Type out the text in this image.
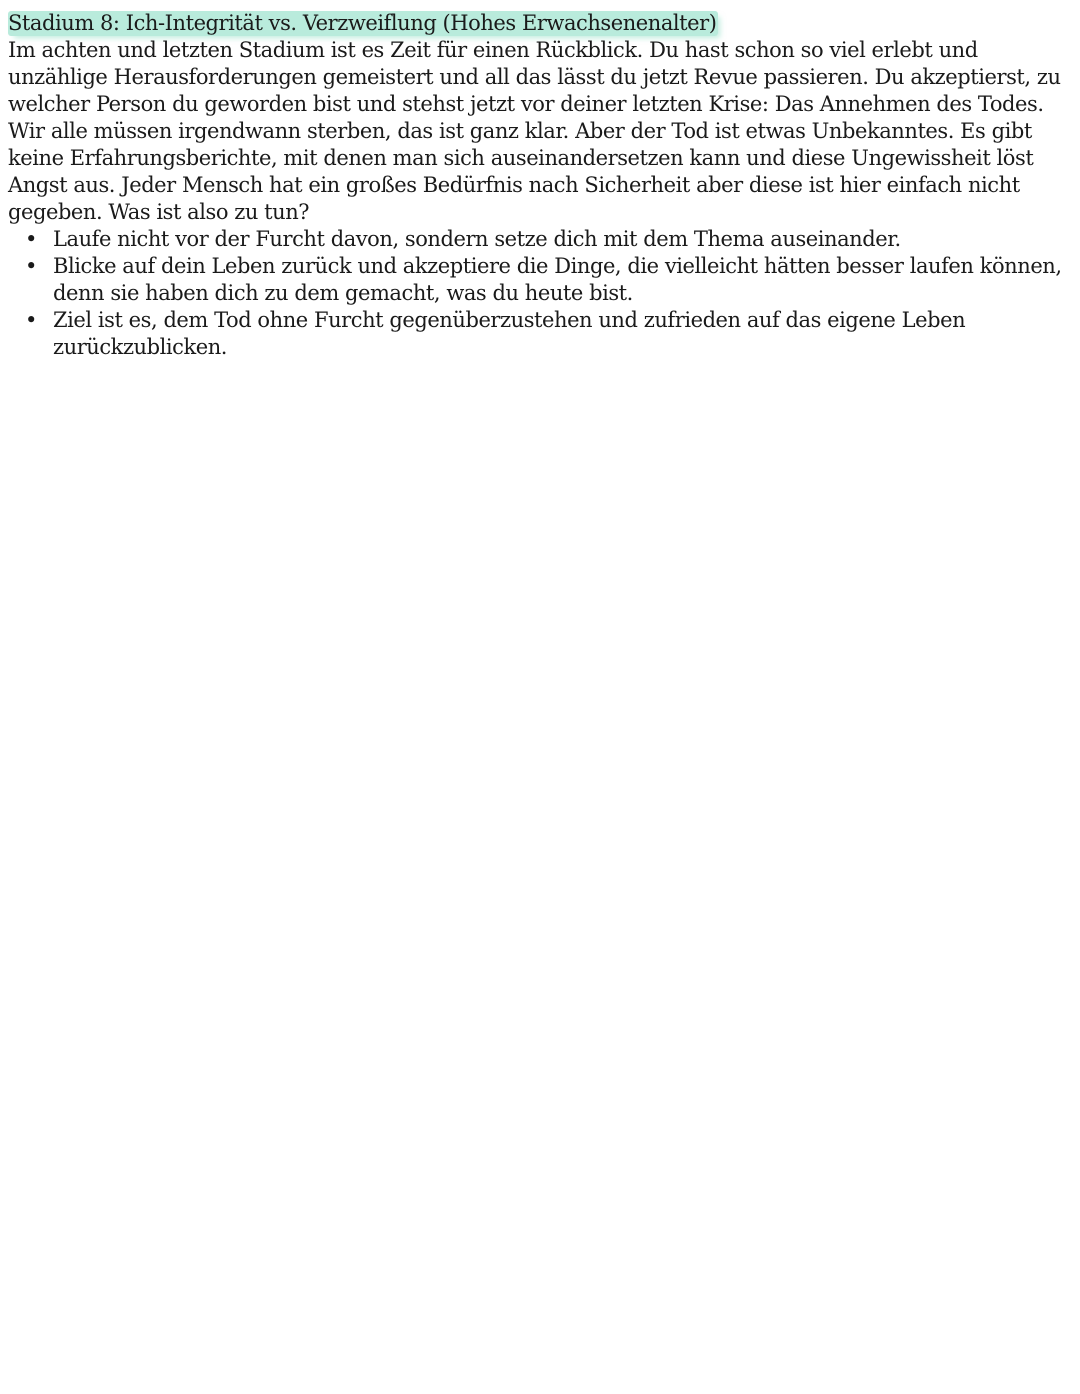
Stadium 8: Ich-Integrität vs. Verzweiflung (Hohes Erwachsenenalter)

Im achten und letzten Stadium ist es Zeit für einen Rückblick. Du hast schon so viel erlebt und unzählige Herausforderungen gemeistert und all das lässt du jetzt Revue passieren. Du akzeptierst, zu welcher Person du geworden bist und stehst jetzt vor deiner letzten Krise: Das Annehmen des Todes.

Wir alle müssen irgendwann sterben, das ist ganz klar. Aber der Tod ist etwas Unbekanntes. Es gibt keine Erfahrungsberichte, mit denen man sich auseinandersetzen kann und diese Ungewissheit löst Angst aus. Jeder Mensch hat ein großes Bedürfnis nach Sicherheit aber diese ist hier einfach nicht gegeben. Was ist also zu tun?

• Laufe nicht vor der Furcht davon, sondern setze dich mit dem Thema auseinander.
• Blicke auf dein Leben zurück und akzeptiere die Dinge, die vielleicht hätten besser laufen können, denn sie haben dich zu dem gemacht, was du heute bist.
• Ziel ist es, dem Tod ohne Furcht gegenüberzustehen und zufrieden auf das eigene Leben zurückzublicken.
